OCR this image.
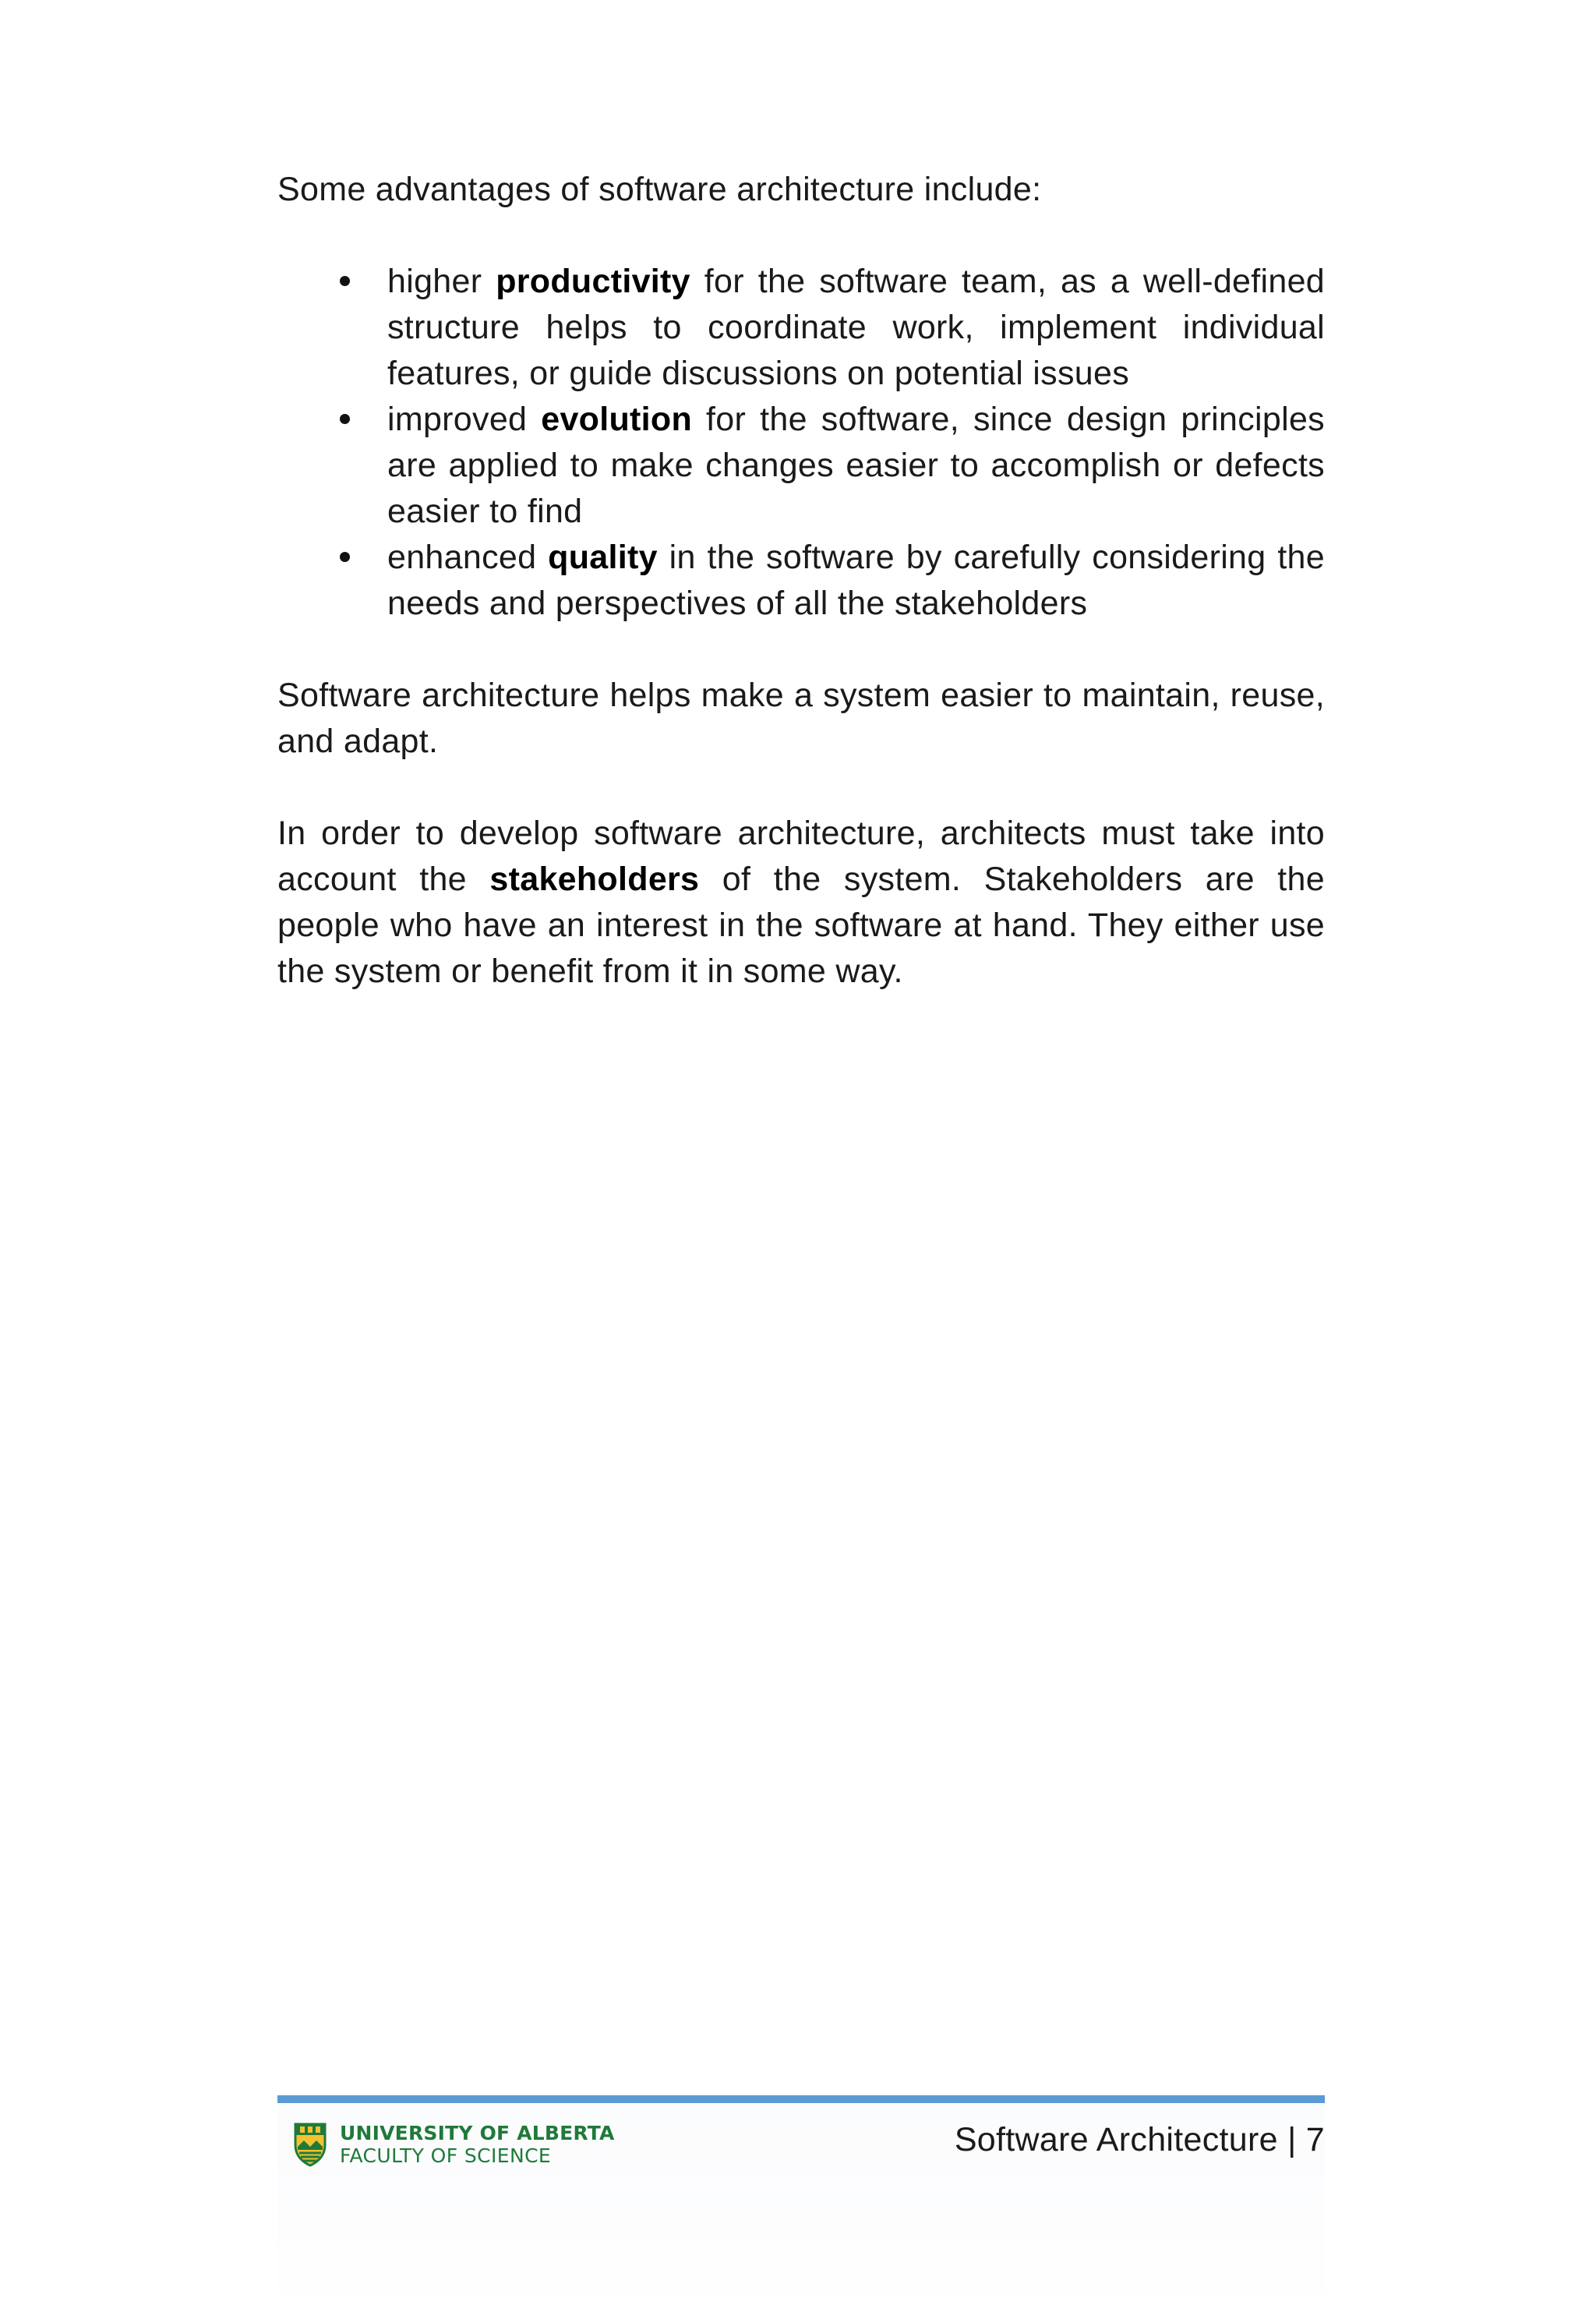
Some advantages of software architecture include:

higher productivity for the software team, as a well-defined structure helps to coordinate work, implement individual features, or guide discussions on potential issues
improved evolution for the software, since design principles are applied to make changes easier to accomplish or defects easier to find
enhanced quality in the software by carefully considering the needs and perspectives of all the stakeholders

Software architecture helps make a system easier to maintain, reuse, and adapt.

In order to develop software architecture, architects must take into account the stakeholders of the system. Stakeholders are the people who have an interest in the software at hand. They either use the system or benefit from it in some way.

UNIVERSITY OF ALBERTA
FACULTY OF SCIENCE	Software Architecture | 7
